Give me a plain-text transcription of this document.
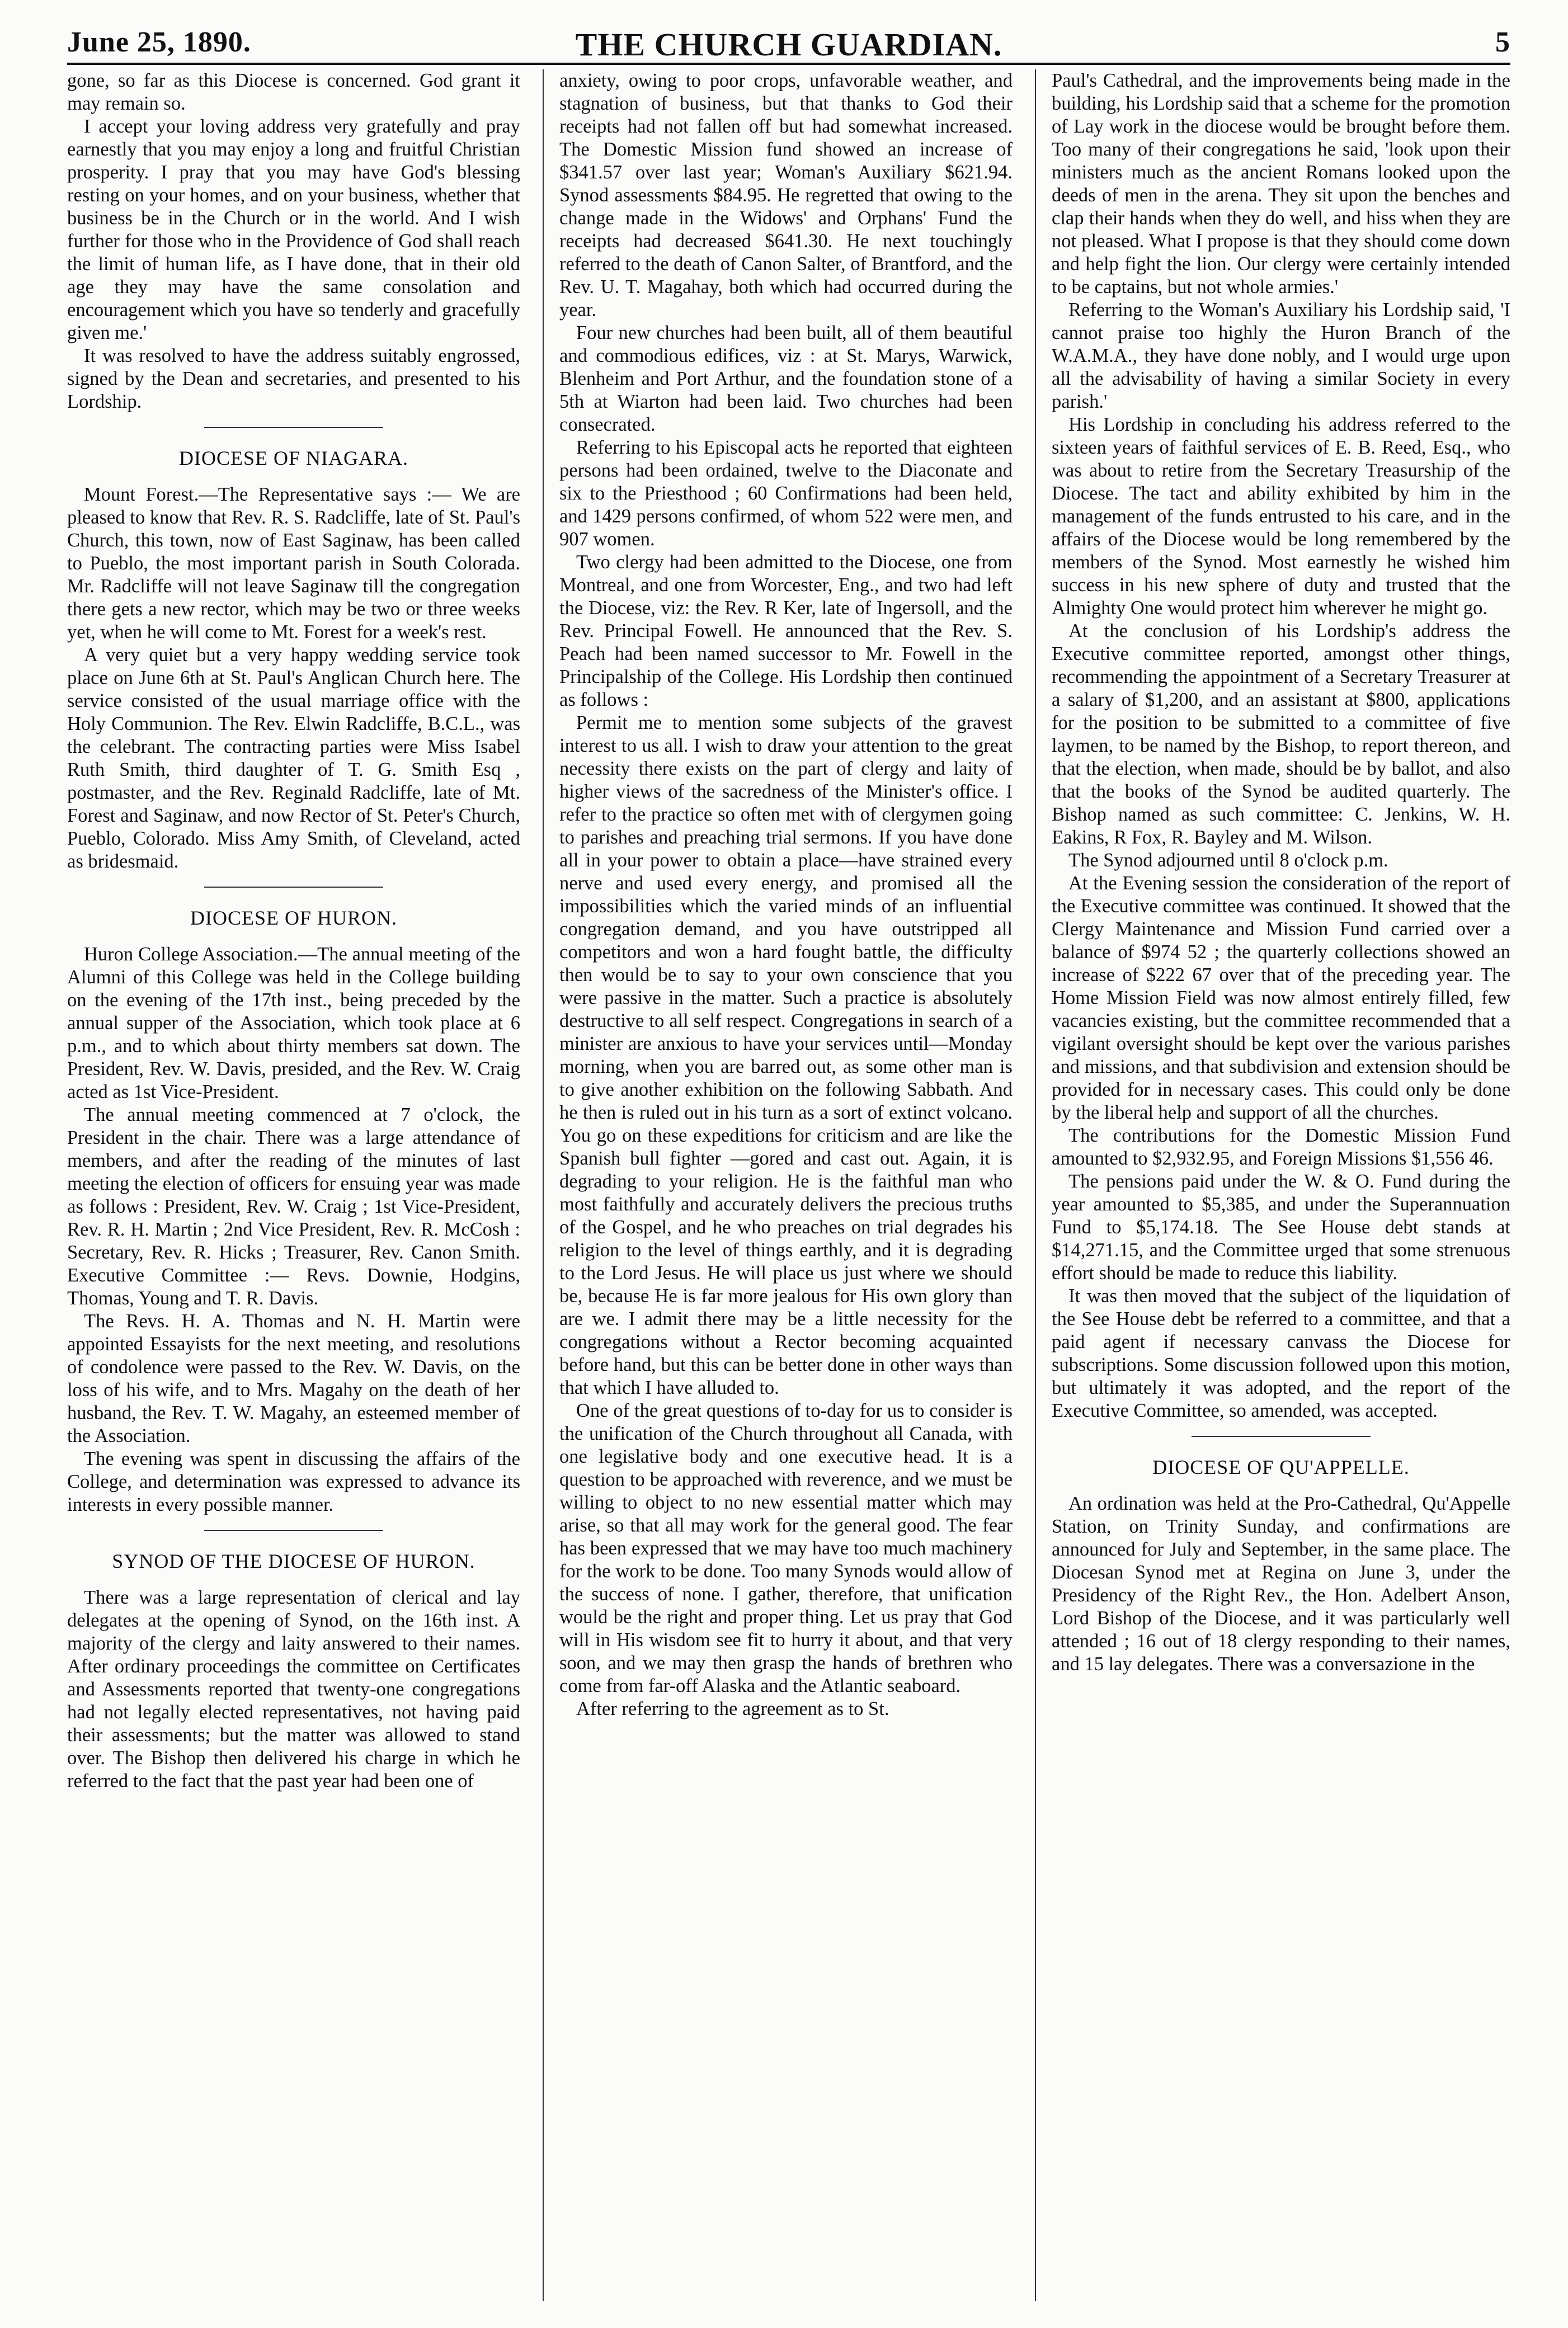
June 25, 1890.	THE CHURCH GUARDIAN.	5

gone, so far as this Diocese is concerned. God grant it may remain so.

I accept your loving address very gratefully and pray earnestly that you may enjoy a long and fruitful Christian prosperity. I pray that you may have God's blessing resting on your homes, and on your business, whether that business be in the Church or in the world. And I wish further for those who in the Providence of God shall reach the limit of human life, as I have done, that in their old age they may have the same consolation and encouragement which you have so tenderly and gracefully given me.'

It was resolved to have the address suitably engrossed, signed by the Dean and secretaries, and presented to his Lordship.

DIOCESE OF NIAGARA.

Mount Forest.—The Representative says :— We are pleased to know that Rev. R. S. Radcliffe, late of St. Paul's Church, this town, now of East Saginaw, has been called to Pueblo, the most important parish in South Colorada. Mr. Radcliffe will not leave Saginaw till the congregation there gets a new rector, which may be two or three weeks yet, when he will come to Mt. Forest for a week's rest.

A very quiet but a very happy wedding service took place on June 6th at St. Paul's Anglican Church here. The service consisted of the usual marriage office with the Holy Communion. The Rev. Elwin Radcliffe, B.C.L., was the celebrant. The contracting parties were Miss Isabel Ruth Smith, third daughter of T. G. Smith Esq , postmaster, and the Rev. Reginald Radcliffe, late of Mt. Forest and Saginaw, and now Rector of St. Peter's Church, Pueblo, Colorado. Miss Amy Smith, of Cleveland, acted as bridesmaid.

DIOCESE OF HURON.

Huron College Association.—The annual meeting of the Alumni of this College was held in the College building on the evening of the 17th inst., being preceded by the annual supper of the Association, which took place at 6 p.m., and to which about thirty members sat down. The President, Rev. W. Davis, presided, and the Rev. W. Craig acted as 1st Vice-President.

The annual meeting commenced at 7 o'clock, the President in the chair. There was a large attendance of members, and after the reading of the minutes of last meeting the election of officers for ensuing year was made as follows : President, Rev. W. Craig ; 1st Vice-President, Rev. R. H. Martin ; 2nd Vice President, Rev. R. McCosh : Secretary, Rev. R. Hicks ; Treasurer, Rev. Canon Smith. Executive Committee :— Revs. Downie, Hodgins, Thomas, Young and T. R. Davis.

The Revs. H. A. Thomas and N. H. Martin were appointed Essayists for the next meeting, and resolutions of condolence were passed to the Rev. W. Davis, on the loss of his wife, and to Mrs. Magahy on the death of her husband, the Rev. T. W. Magahy, an esteemed member of the Association.

The evening was spent in discussing the affairs of the College, and determination was expressed to advance its interests in every possible manner.

SYNOD OF THE DIOCESE OF HURON.

There was a large representation of clerical and lay delegates at the opening of Synod, on the 16th inst. A majority of the clergy and laity answered to their names. After ordinary proceedings the committee on Certificates and Assessments reported that twenty-one congregations had not legally elected representatives, not having paid their assessments; but the matter was allowed to stand over. The Bishop then delivered his charge in which he referred to the fact that the past year had been one of

anxiety, owing to poor crops, unfavorable weather, and stagnation of business, but that thanks to God their receipts had not fallen off but had somewhat increased. The Domestic Mission fund showed an increase of $341.57 over last year; Woman's Auxiliary $621.94. Synod assessments $84.95. He regretted that owing to the change made in the Widows' and Orphans' Fund the receipts had decreased $641.30. He next touchingly referred to the death of Canon Salter, of Brantford, and the Rev. U. T. Magahay, both which had occurred during the year.

Four new churches had been built, all of them beautiful and commodious edifices, viz : at St. Marys, Warwick, Blenheim and Port Arthur, and the foundation stone of a 5th at Wiarton had been laid. Two churches had been consecrated.

Referring to his Episcopal acts he reported that eighteen persons had been ordained, twelve to the Diaconate and six to the Priesthood ; 60 Confirmations had been held, and 1429 persons confirmed, of whom 522 were men, and 907 women.

Two clergy had been admitted to the Diocese, one from Montreal, and one from Worcester, Eng., and two had left the Diocese, viz: the Rev. R Ker, late of Ingersoll, and the Rev. Principal Fowell. He announced that the Rev. S. Peach had been named successor to Mr. Fowell in the Principalship of the College. His Lordship then continued as follows :

Permit me to mention some subjects of the gravest interest to us all. I wish to draw your attention to the great necessity there exists on the part of clergy and laity of higher views of the sacredness of the Minister's office. I refer to the practice so often met with of clergymen going to parishes and preaching trial sermons. If you have done all in your power to obtain a place—have strained every nerve and used every energy, and promised all the impossibilities which the varied minds of an influential congregation demand, and you have outstripped all competitors and won a hard fought battle, the difficulty then would be to say to your own conscience that you were passive in the matter. Such a practice is absolutely destructive to all self respect. Congregations in search of a minister are anxious to have your services until—Monday morning, when you are barred out, as some other man is to give another exhibition on the following Sabbath. And he then is ruled out in his turn as a sort of extinct volcano. You go on these expeditions for criticism and are like the Spanish bull fighter —gored and cast out. Again, it is degrading to your religion. He is the faithful man who most faithfully and accurately delivers the precious truths of the Gospel, and he who preaches on trial degrades his religion to the level of things earthly, and it is degrading to the Lord Jesus. He will place us just where we should be, because He is far more jealous for His own glory than are we. I admit there may be a little necessity for the congregations without a Rector becoming acquainted before hand, but this can be better done in other ways than that which I have alluded to.

One of the great questions of to-day for us to consider is the unification of the Church throughout all Canada, with one legislative body and one executive head. It is a question to be approached with reverence, and we must be willing to object to no new essential matter which may arise, so that all may work for the general good. The fear has been expressed that we may have too much machinery for the work to be done. Too many Synods would allow of the success of none. I gather, therefore, that unification would be the right and proper thing. Let us pray that God will in His wisdom see fit to hurry it about, and that very soon, and we may then grasp the hands of brethren who come from far-off Alaska and the Atlantic seaboard.

After referring to the agreement as to St.

Paul's Cathedral, and the improvements being made in the building, his Lordship said that a scheme for the promotion of Lay work in the diocese would be brought before them. Too many of their congregations he said, 'look upon their ministers much as the ancient Romans looked upon the deeds of men in the arena. They sit upon the benches and clap their hands when they do well, and hiss when they are not pleased. What I propose is that they should come down and help fight the lion. Our clergy were certainly intended to be captains, but not whole armies.'

Referring to the Woman's Auxiliary his Lordship said, 'I cannot praise too highly the Huron Branch of the W.A.M.A., they have done nobly, and I would urge upon all the advisability of having a similar Society in every parish.'

His Lordship in concluding his address referred to the sixteen years of faithful services of E. B. Reed, Esq., who was about to retire from the Secretary Treasurship of the Diocese. The tact and ability exhibited by him in the management of the funds entrusted to his care, and in the affairs of the Diocese would be long remembered by the members of the Synod. Most earnestly he wished him success in his new sphere of duty and trusted that the Almighty One would protect him wherever he might go.

At the conclusion of his Lordship's address the Executive committee reported, amongst other things, recommending the appointment of a Secretary Treasurer at a salary of $1,200, and an assistant at $800, applications for the position to be submitted to a committee of five laymen, to be named by the Bishop, to report thereon, and that the election, when made, should be by ballot, and also that the books of the Synod be audited quarterly. The Bishop named as such committee: C. Jenkins, W. H. Eakins, R Fox, R. Bayley and M. Wilson.

The Synod adjourned until 8 o'clock p.m.

At the Evening session the consideration of the report of the Executive committee was continued. It showed that the Clergy Maintenance and Mission Fund carried over a balance of $974 52 ; the quarterly collections showed an increase of $222 67 over that of the preceding year. The Home Mission Field was now almost entirely filled, few vacancies existing, but the committee recommended that a vigilant oversight should be kept over the various parishes and missions, and that subdivision and extension should be provided for in necessary cases. This could only be done by the liberal help and support of all the churches.

The contributions for the Domestic Mission Fund amounted to $2,932.95, and Foreign Missions $1,556 46.

The pensions paid under the W. & O. Fund during the year amounted to $5,385, and under the Superannuation Fund to $5,174.18. The See House debt stands at $14,271.15, and the Committee urged that some strenuous effort should be made to reduce this liability.

It was then moved that the subject of the liquidation of the See House debt be referred to a committee, and that a paid agent if necessary canvass the Diocese for subscriptions. Some discussion followed upon this motion, but ultimately it was adopted, and the report of the Executive Committee, so amended, was accepted.

DIOCESE OF QU'APPELLE.

An ordination was held at the Pro-Cathedral, Qu'Appelle Station, on Trinity Sunday, and confirmations are announced for July and September, in the same place. The Diocesan Synod met at Regina on June 3, under the Presidency of the Right Rev., the Hon. Adelbert Anson, Lord Bishop of the Diocese, and it was particularly well attended ; 16 out of 18 clergy responding to their names, and 15 lay delegates. There was a conversazione in the
